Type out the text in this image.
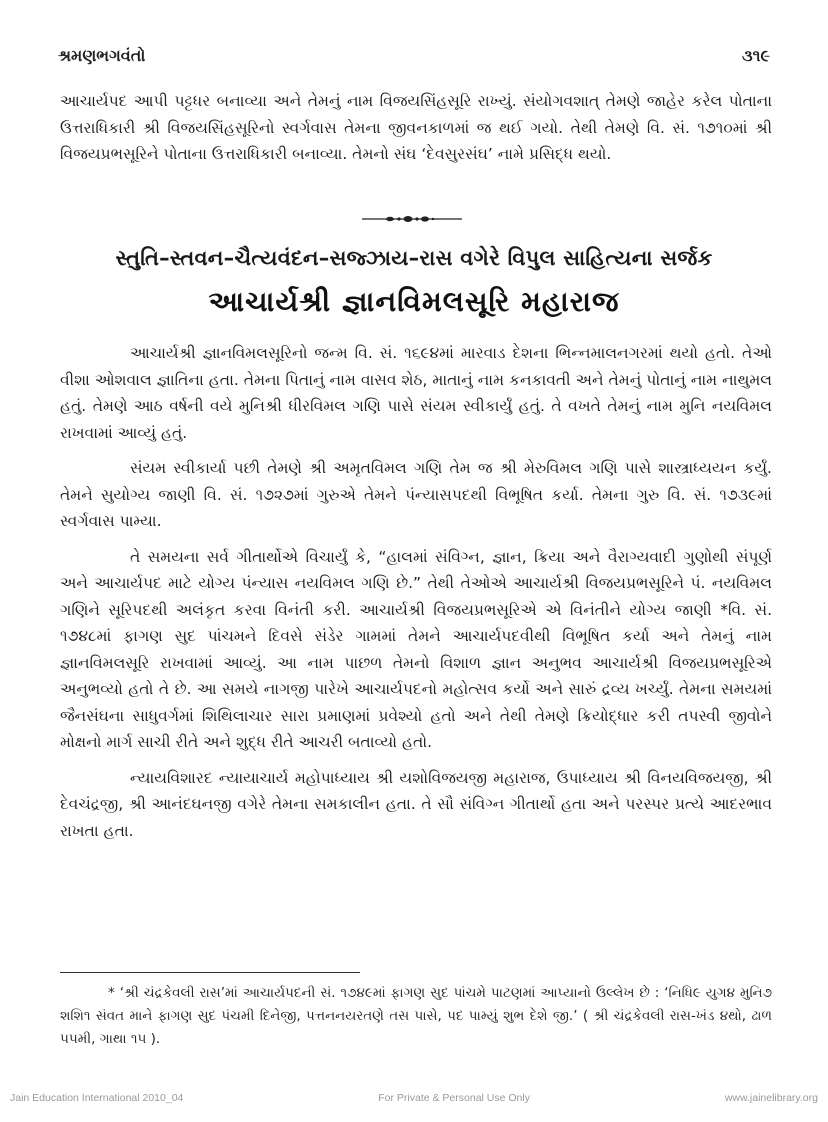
શ્રમણભગવંતો	૩૧૯
આચાર્યપદ આપી પટ્ટધર બનાવ્યા અને તેમનું નામ વિજયસિંહસૂરિ રાખ્યું. સંયોગવશાત્ તેમણે જાહેર કરેલ પોતાના ઉત્તરાધિકારી શ્રી વિજયસિંહસૂરિનો સ્વર્ગવાસ તેમના જીવનકાળમાં જ થઈ ગયો. તેથી તેમણે વિ. સં. ૧૭૧૦માં શ્રી વિજયપ્રભસૂરિને પોતાના ઉત્તરાધિકારી બનાવ્યા. તેમનો સંઘ ‘દેવસુરસંઘ’ નામે પ્રસિદ્ધ થયો.
સ્તુતિ–સ્તવન–ચૈત્યવંદન–સજ્ઝાય–રાસ વગેરે વિપુલ સાહિત્યના સર્જક
આચાર્યશ્રી જ્ઞાનવિમલસૂરિ મહારાજ

આચાર્યશ્રી જ્ઞાનવિમલસૂરિનો જન્મ વિ. સં. ૧૬૯૪માં મારવાડ દેશના ભિન્નમાલનગરમાં થયો હતો. તેઓ વીશા ઓશવાલ જ્ઞાતિના હતા. તેમના પિતાનું નામ વાસવ શેઠ, માતાનું નામ કનકાવતી અને તેમનું પોતાનું નામ નાથુમલ હતું. તેમણે આઠ વર્ષની વયે મુનિશ્રી ધીરવિમલ ગણિ પાસે સંયમ સ્વીકાર્યું હતું. તે વખતે તેમનું નામ મુનિ નયવિમલ રાખવામાં આવ્યું હતું.

સંયમ સ્વીકાર્યા પછી તેમણે શ્રી અમૃતવિમલ ગણિ તેમ જ શ્રી મેરુવિમલ ગણિ પાસે શાસ્ત્રાધ્યયન કર્યું. તેમને સુયોગ્ય જાણી વિ. સં. ૧૭૨૭માં ગુરુએ તેમને પંન્યાસપદથી વિભૂષિત કર્યા. તેમના ગુરુ વિ. સં. ૧૭૩૯માં સ્વર્ગવાસ પામ્યા.

તે સમયના સર્વ ગીતાર્થોએ વિચાર્યું કે, “હાલમાં સંવિગ્ન, જ્ઞાન, ક્રિયા અને વૈરાગ્યવાદી ગુણોથી સંપૂર્ણ અને આચાર્યપદ માટે યોગ્ય પંન્યાસ નયવિમલ ગણિ છે.” તેથી તેઓએ આચાર્યશ્રી વિજયપ્રભસૂરિને પં. નયવિમલ ગણિને સૂરિપદથી અલંકૃત કરવા વિનંતી કરી. આચાર્યશ્રી વિજયપ્રભસૂરિએ એ વિનંતીને યોગ્ય જાણી *વિ. સં. ૧૭૪૮માં ફાગણ સુદ પાંચમને દિવસે સંડેર ગામમાં તેમને આચાર્યપદવીથી વિભૂષિત કર્યા અને તેમનું નામ જ્ઞાનવિમલસૂરિ રાખવામાં આવ્યું. આ નામ પાછળ તેમનો વિશાળ જ્ઞાન અનુભવ આચાર્યશ્રી વિજયપ્રભસૂરિએ અનુભવ્યો હતો તે છે. આ સમયે નાગજી પારેખે આચાર્યપદનો મહોત્સવ કર્યો અને સારું દ્રવ્ય ખર્ચ્યું. તેમના સમયમાં જૈનસંઘના સાધુવર્ગમાં શિથિલાચાર સારા પ્રમાણમાં પ્રવેશ્યો હતો અને તેથી તેમણે ક્રિયોદ્ધાર કરી તપસ્વી જીવોને મોક્ષનો માર્ગ સાચી રીતે અને શુદ્ધ રીતે આચરી બતાવ્યો હતો.

ન્યાયવિશારદ ન્યાયાચાર્ય મહોપાધ્યાય શ્રી યશોવિજયજી મહારાજ, ઉપાધ્યાય શ્રી વિનયવિજયજી, શ્રી દેવચંદ્રજી, શ્રી આનંદઘનજી વગેરે તેમના સમકાલીન હતા. તે સૌ સંવિગ્ન ગીતાર્થો હતા અને પરસ્પર પ્રત્યે આદરભાવ રાખતા હતા.

* ‘શ્રી ચંદ્રકેવલી રાસ’માં આચાર્યપદની સં. ૧૭૪૯માં ફાગણ સુદ પાંચમે પાટણમાં આપ્યાનો ઉલ્લેખ છે : ‘નિધિ૯ યુગ૪ મુનિ૭ શશિ૧ સંવત માને ફાગણ સુદ પંચમી દિનેજી, પત્તનનયરતણે તસ પાસે, પદ પામ્યું શુભ દેશે જી.’ ( શ્રી ચંદ્રકેવલી રાસ-ખંડ ૪થો, ઢાળ ૫૫મી, ગાથા ૧૫ ).
Jain Education International 2010_04	For Private & Personal Use Only	www.jainelibrary.org
